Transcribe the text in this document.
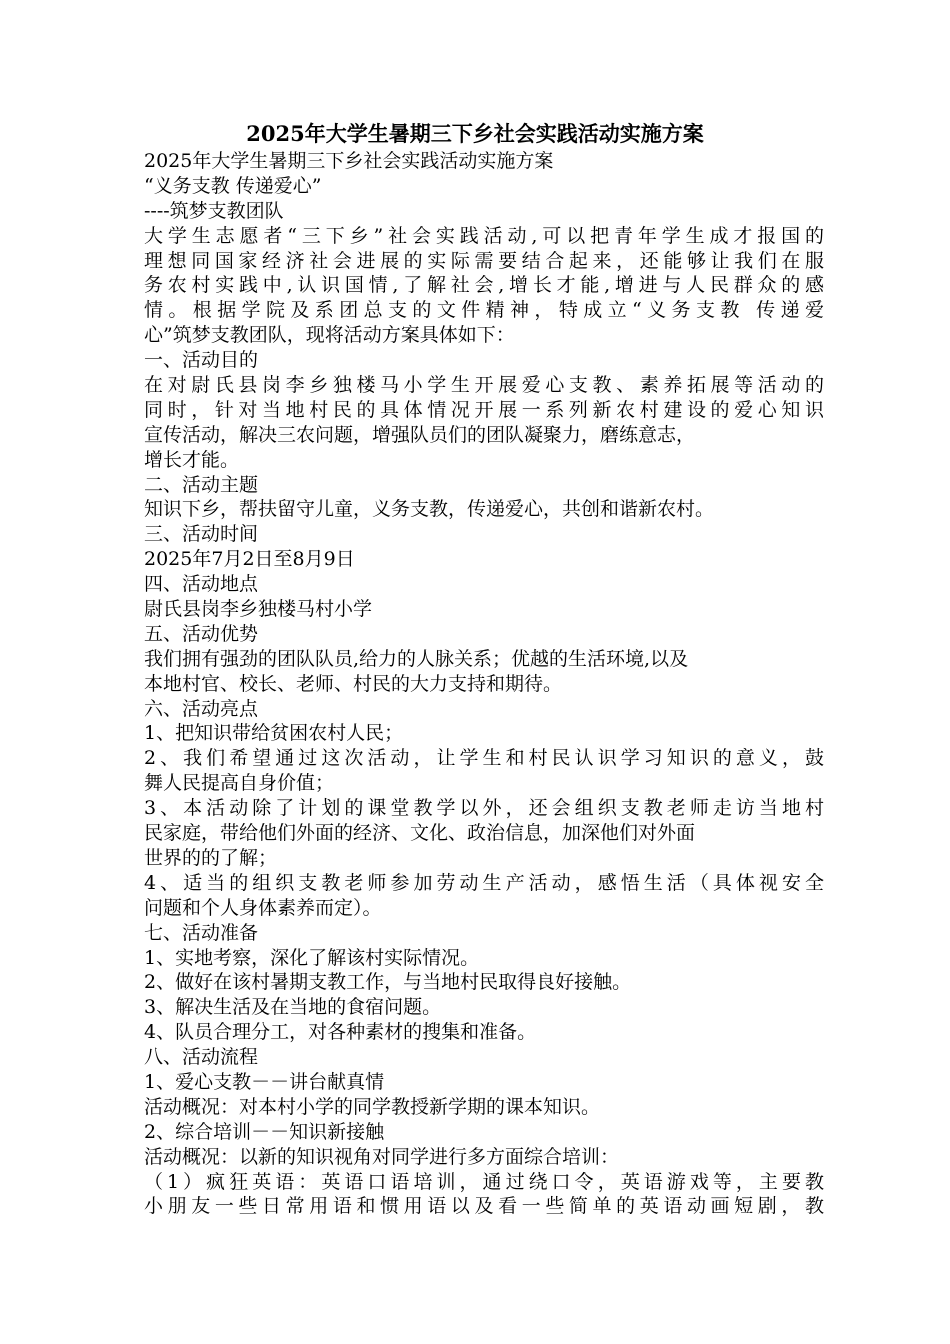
2025年大学生暑期三下乡社会实践活动实施方案
2025年大学生暑期三下乡社会实践活动实施方案
“义务支教 传递爱心”
----筑梦支教团队
大学生志愿者“三下乡”社会实践活动,可以把青年学生成才报国的
理想同国家经济社会进展的实际需要结合起来，还能够让我们在服
务农村实践中,认识国情,了解社会,增长才能,增进与人民群众的感
情。根据学院及系团总支的文件精神，特成立“义务支教 传递爱
心”筑梦支教团队，现将活动方案具体如下：
一、活动目的
在对尉氏县岗李乡独楼马小学生开展爱心支教、素养拓展等活动的
同时，针对当地村民的具体情况开展一系列新农村建设的爱心知识
宣传活动，解决三农问题，增强队员们的团队凝聚力，磨练意志，
增长才能。
二、活动主题
知识下乡，帮扶留守儿童，义务支教，传递爱心，共创和谐新农村。
三、活动时间
2025年7月2日至8月9日
四、活动地点
尉氏县岗李乡独楼马村小学
五、活动优势
我们拥有强劲的团队队员,给力的人脉关系；优越的生活环境,以及
本地村官、校长、老师、村民的大力支持和期待。
六、活动亮点
1、把知识带给贫困农村人民；
2、我们希望通过这次活动，让学生和村民认识学习知识的意义，鼓
舞人民提高自身价值；
3、本活动除了计划的课堂教学以外，还会组织支教老师走访当地村
民家庭，带给他们外面的经济、文化、政治信息，加深他们对外面
世界的的了解；
4、适当的组织支教老师参加劳动生产活动，感悟生活（具体视安全
问题和个人身体素养而定）。
七、活动准备
1、实地考察，深化了解该村实际情况。
2、做好在该村暑期支教工作，与当地村民取得良好接触。
3、解决生活及在当地的食宿问题。
4、队员合理分工，对各种素材的搜集和准备。
八、活动流程
1、爱心支教－－讲台献真情
活动概况：对本村小学的同学教授新学期的课本知识。
2、综合培训－－知识新接触
活动概况：以新的知识视角对同学进行多方面综合培训：
（1）疯狂英语：英语口语培训，通过绕口令，英语游戏等，主要教
小朋友一些日常用语和惯用语以及看一些简单的英语动画短剧，教
